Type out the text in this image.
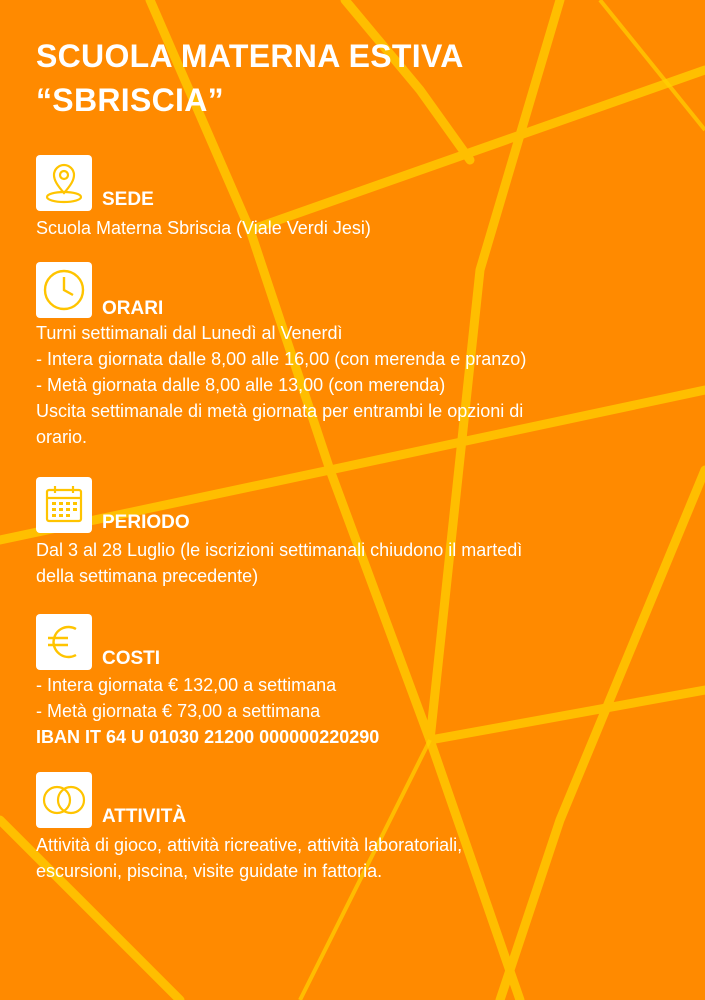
SCUOLA MATERNA ESTIVA
“SBRISCIA”
SEDE
Scuola Materna Sbriscia (Viale Verdi Jesi)
ORARI
Turni settimanali dal Lunedì al Venerdì
- Intera giornata dalle 8,00 alle 16,00 (con merenda e pranzo)
- Metà giornata dalle 8,00 alle 13,00 (con merenda)
Uscita settimanale di metà giornata per entrambi le opzioni di
orario.
PERIODO
Dal 3 al 28 Luglio (le iscrizioni settimanali chiudono il martedì
della settimana precedente)
COSTI
- Intera giornata € 132,00 a settimana
- Metà giornata € 73,00 a settimana
IBAN IT 64 U 01030 21200 000000220290
ATTIVITÀ
Attività di gioco, attività ricreative, attività laboratoriali,
escursioni, piscina, visite guidate in fattoria.
